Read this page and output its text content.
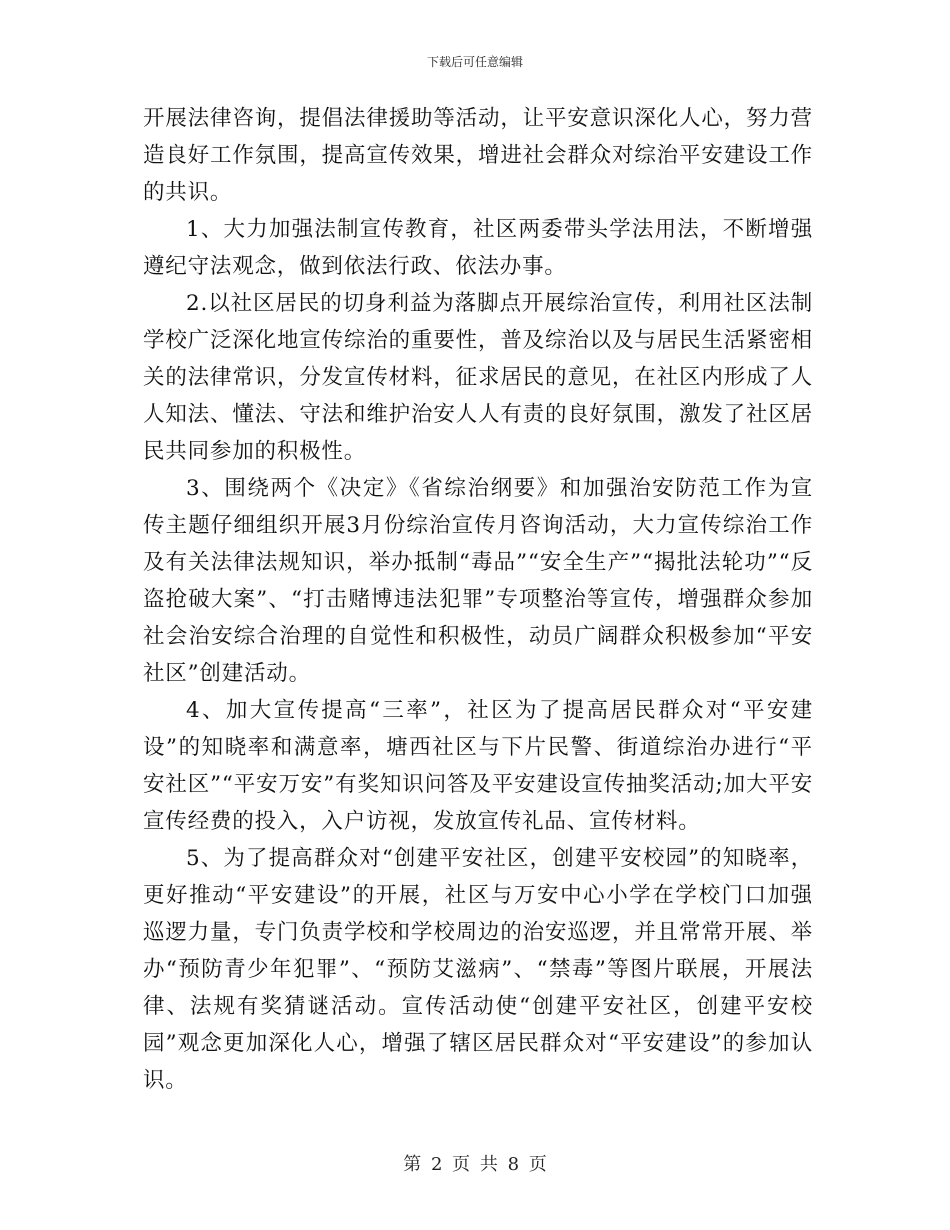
下载后可任意编辑

开展法律咨询，提倡法律援助等活动，让平安意识深化人心，努力营造良好工作氛围，提高宣传效果，增进社会群众对综治平安建设工作的共识。

1、大力加强法制宣传教育，社区两委带头学法用法，不断增强遵纪守法观念，做到依法行政、依法办事。

2.以社区居民的切身利益为落脚点开展综治宣传，利用社区法制学校广泛深化地宣传综治的重要性，普及综治以及与居民生活紧密相关的法律常识，分发宣传材料，征求居民的意见，在社区内形成了人人知法、懂法、守法和维护治安人人有责的良好氛围，激发了社区居民共同参加的积极性。

3、围绕两个《决定》《省综治纲要》和加强治安防范工作为宣传主题仔细组织开展3月份综治宣传月咨询活动，大力宣传综治工作及有关法律法规知识，举办抵制“毒品”“安全生产”“揭批法轮功”“反盗抢破大案”、“打击赌博违法犯罪”专项整治等宣传，增强群众参加社会治安综合治理的自觉性和积极性，动员广阔群众积极参加“平安社区”创建活动。

4、加大宣传提高“三率”，社区为了提高居民群众对“平安建设”的知晓率和满意率，塘西社区与下片民警、街道综治办进行“平安社区”“平安万安”有奖知识问答及平安建设宣传抽奖活动;加大平安宣传经费的投入，入户访视，发放宣传礼品、宣传材料。

5、为了提高群众对“创建平安社区，创建平安校园”的知晓率，更好推动“平安建设”的开展，社区与万安中心小学在学校门口加强巡逻力量，专门负责学校和学校周边的治安巡逻，并且常常开展、举办“预防青少年犯罪”、“预防艾滋病”、“禁毒”等图片联展，开展法律、法规有奖猜谜活动。宣传活动使“创建平安社区，创建平安校园”观念更加深化人心，增强了辖区居民群众对“平安建设”的参加认识。

第 2 页 共 8 页
